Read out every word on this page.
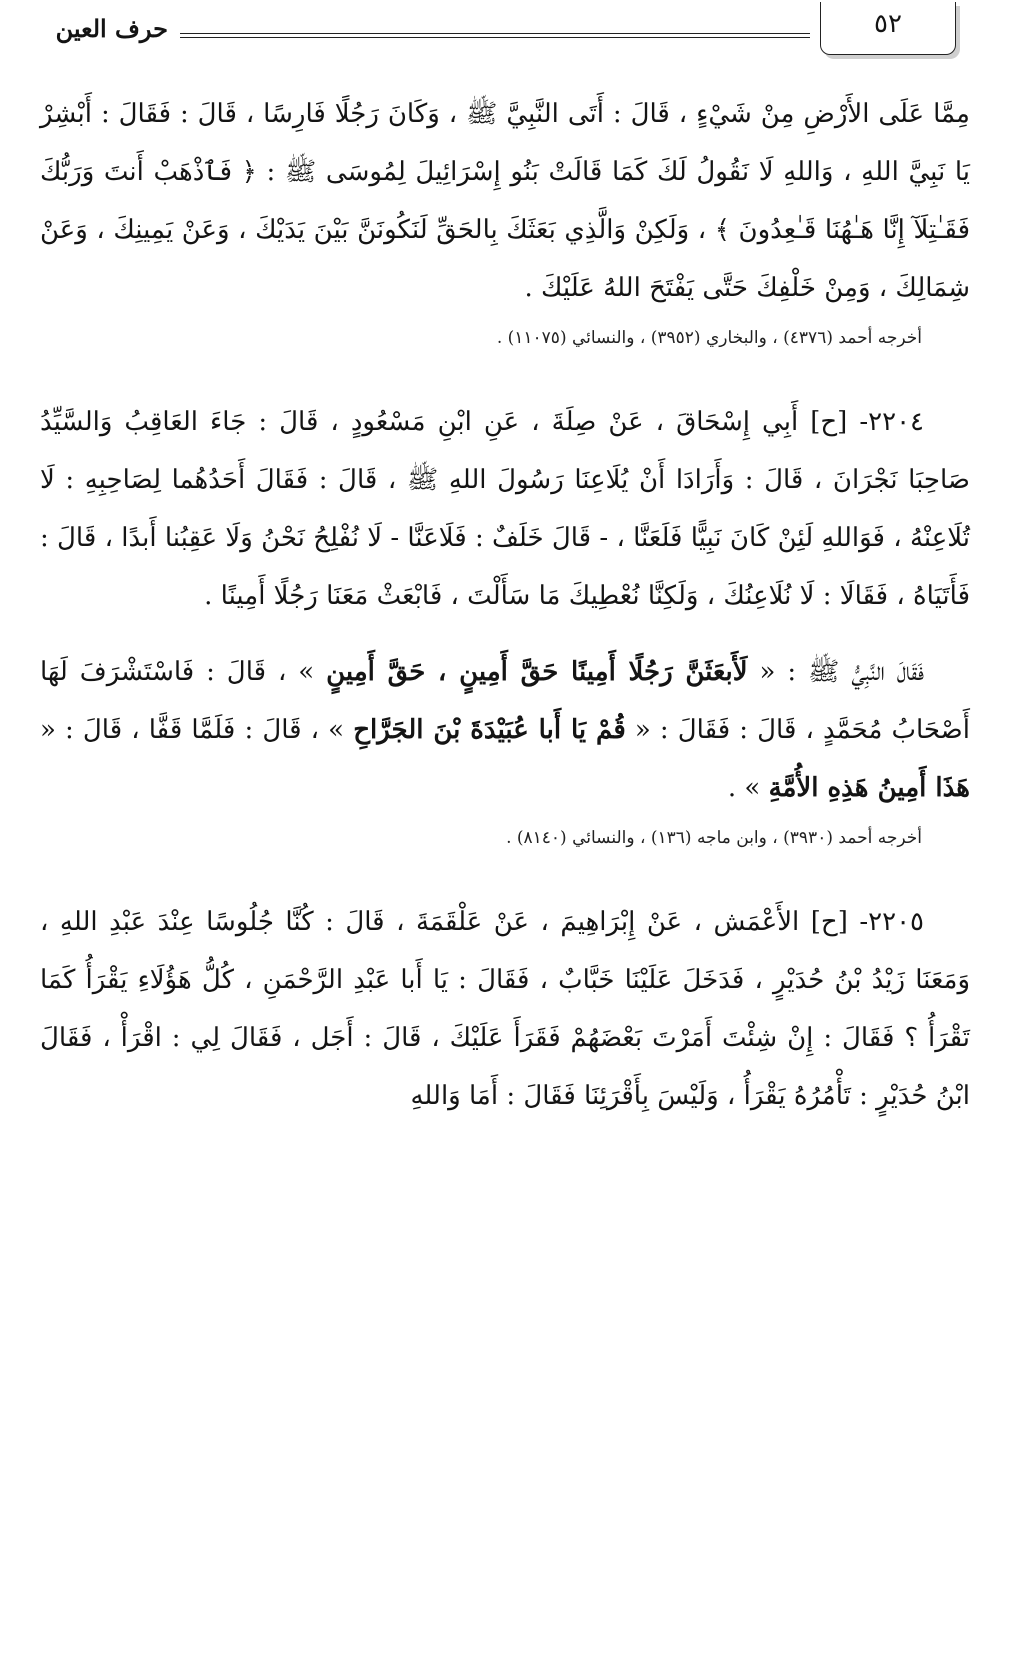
٥٢
حرف العين

مِمَّا عَلَى الأَرْضِ مِنْ شَيْءٍ ، قَالَ : أَتَى النَّبِيَّ ﷺ ، وَكَانَ رَجُلًا فَارِسًا ، قَالَ : فَقَالَ : أَبْشِرْ يَا نَبِيَّ اللهِ ، وَاللهِ لَا نَقُولُ لَكَ كَمَا قَالَتْ بَنُو إِسْرَائِيلَ لِمُوسَى ﷺ : ﴿ فَٱذْهَبْ أَنتَ وَرَبُّكَ فَقَـٰتِلَآ إِنَّا هَـٰهُنَا قَـٰعِدُونَ ﴾ ، وَلَكِنْ وَالَّذِي بَعَثَكَ بِالحَقِّ لَنَكُونَنَّ بَيْنَ يَدَيْكَ ، وَعَنْ يَمِينِكَ ، وَعَنْ شِمَالِكَ ، وَمِنْ خَلْفِكَ حَتَّى يَفْتَحَ اللهُ عَلَيْكَ .

أخرجه أحمد (٤٣٧٦) ، والبخاري (٣٩٥٢) ، والنسائي (١١٠٧٥) .

٢٢٠٤- [ح] أَبِي إِسْحَاقَ ، عَنْ صِلَةَ ، عَنِ ابْنِ مَسْعُودٍ ، قَالَ : جَاءَ العَاقِبُ وَالسَّيِّدُ صَاحِبَا نَجْرَانَ ، قَالَ : وَأَرَادَا أَنْ يُلَاعِنَا رَسُولَ اللهِ ﷺ ، قَالَ : فَقَالَ أَحَدُهُما لِصَاحِبِهِ : لَا تُلَاعِنْهُ ، فَوَاللهِ لَئِنْ كَانَ نَبِيًّا فَلَعَنَّا ، - قَالَ خَلَفٌ : فَلَاعَنَّا - لَا نُفْلِحُ نَحْنُ وَلَا عَقِبُنا أَبدًا ، قَالَ : فَأَتَيَاهُ ، فَقَالَا : لَا نُلَاعِنُكَ ، وَلَكِنَّا نُعْطِيكَ مَا سَأَلْتَ ، فَابْعَثْ مَعَنَا رَجُلًا أَمِينًا .

فَقَالَ النَّبِيُّ ﷺ : « لَأَبعَثَنَّ رَجُلًا أَمِينًا حَقَّ أَمِينٍ ، حَقَّ أَمِينٍ » ، قَالَ : فَاسْتَشْرَفَ لَهَا أَصْحَابُ مُحَمَّدٍ ، قَالَ : فَقَالَ : « قُمْ يَا أَبا عُبَيْدَةَ بْنَ الجَرَّاحِ » ، قَالَ : فَلَمَّا قَفَّا ، قَالَ : « هَذَا أَمِينُ هَذِهِ الأُمَّةِ » .

أخرجه أحمد (٣٩٣٠) ، وابن ماجه (١٣٦) ، والنسائي (٨١٤٠) .

٢٢٠٥- [ح] الأَعْمَش ، عَنْ إِبْرَاهِيمَ ، عَنْ عَلْقَمَةَ ، قَالَ : كُنَّا جُلُوسًا عِنْدَ عَبْدِ اللهِ ، وَمَعَنَا زَيْدُ بْنُ حُدَيْرٍ ، فَدَخَلَ عَلَيْنَا خَبَّابٌ ، فَقَالَ : يَا أَبا عَبْدِ الرَّحْمَنِ ، كُلُّ هَؤُلَاءِ يَقْرَأُ كَمَا تَقْرَأُ ؟ فَقَالَ : إِنْ شِئْتَ أَمَرْتَ بَعْضَهُمْ فَقَرَأَ عَلَيْكَ ، قَالَ : أَجَل ، فَقَالَ لِي : اقْرَأْ ، فَقَالَ ابْنُ حُدَيْرٍ : تَأْمُرُهُ يَقْرَأُ ، وَلَيْسَ بِأَقْرَئِنَا فَقَالَ : أَمَا وَاللهِ
